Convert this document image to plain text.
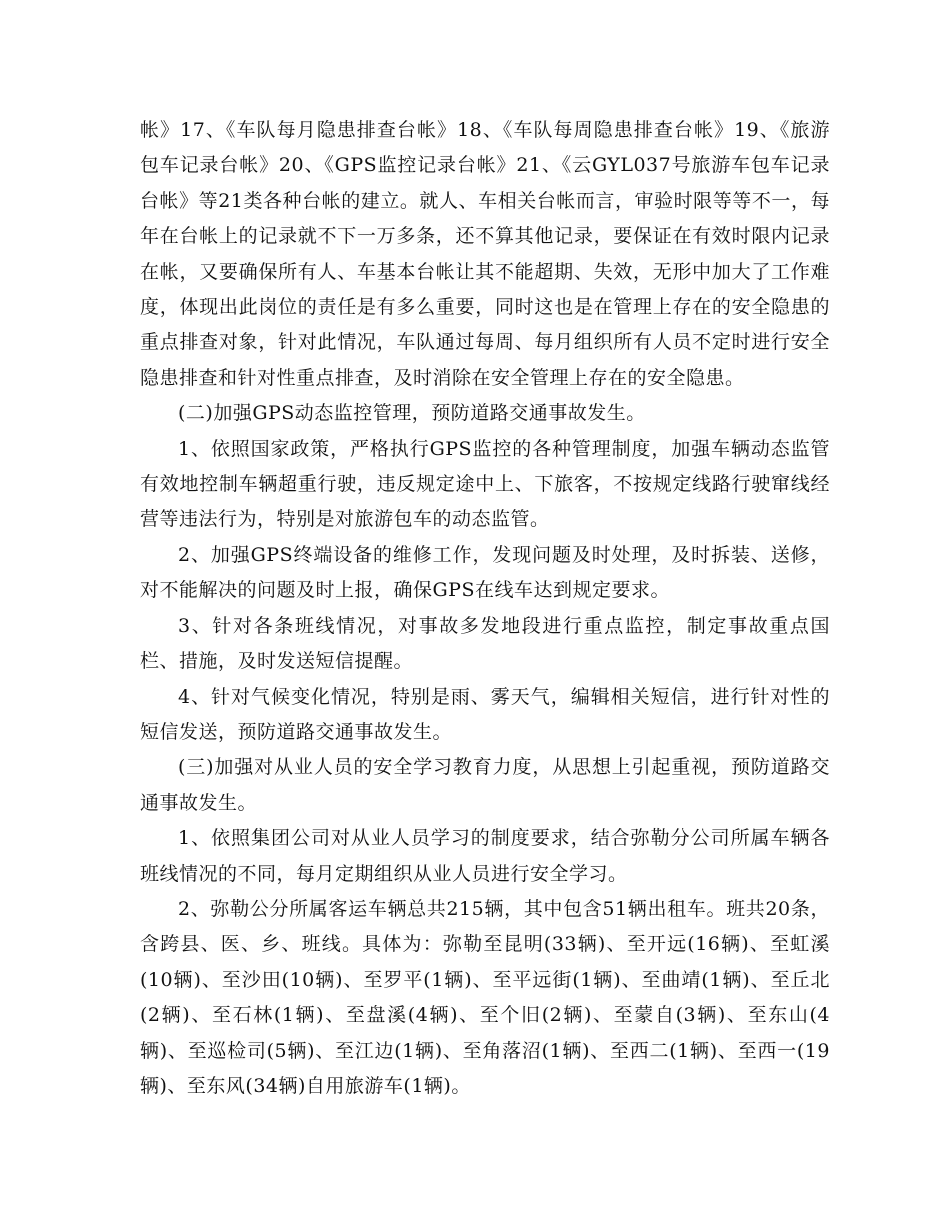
帐》17、《车队每月隐患排查台帐》18、《车队每周隐患排查台帐》19、《旅游包车记录台帐》20、《GPS监控记录台帐》21、《云GYL037号旅游车包车记录台帐》等21类各种台帐的建立。就人、车相关台帐而言，审验时限等等不一，每年在台帐上的记录就不下一万多条，还不算其他记录，要保证在有效时限内记录在帐，又要确保所有人、车基本台帐让其不能超期、失效，无形中加大了工作难度，体现出此岗位的责任是有多么重要，同时这也是在管理上存在的安全隐患的重点排查对象，针对此情况，车队通过每周、每月组织所有人员不定时进行安全隐患排查和针对性重点排查，及时消除在安全管理上存在的安全隐患。

(二)加强GPS动态监控管理，预防道路交通事故发生。

1、依照国家政策，严格执行GPS监控的各种管理制度，加强车辆动态监管有效地控制车辆超重行驶，违反规定途中上、下旅客，不按规定线路行驶窜线经营等违法行为，特别是对旅游包车的动态监管。

2、加强GPS终端设备的维修工作，发现问题及时处理，及时拆装、送修，对不能解决的问题及时上报，确保GPS在线车达到规定要求。

3、针对各条班线情况，对事故多发地段进行重点监控，制定事故重点国栏、措施，及时发送短信提醒。

4、针对气候变化情况，特别是雨、雾天气，编辑相关短信，进行针对性的短信发送，预防道路交通事故发生。

(三)加强对从业人员的安全学习教育力度，从思想上引起重视，预防道路交通事故发生。

1、依照集团公司对从业人员学习的制度要求，结合弥勒分公司所属车辆各班线情况的不同，每月定期组织从业人员进行安全学习。

2、弥勒公分所属客运车辆总共215辆，其中包含51辆出租车。班共20条，含跨县、医、乡、班线。具体为：弥勒至昆明(33辆)、至开远(16辆)、至虹溪(10辆)、至沙田(10辆)、至罗平(1辆)、至平远街(1辆)、至曲靖(1辆)、至丘北(2辆)、至石林(1辆)、至盘溪(4辆)、至个旧(2辆)、至蒙自(3辆)、至东山(4辆)、至巡检司(5辆)、至江边(1辆)、至角落沼(1辆)、至西二(1辆)、至西一(19辆)、至东风(34辆)自用旅游车(1辆)。
